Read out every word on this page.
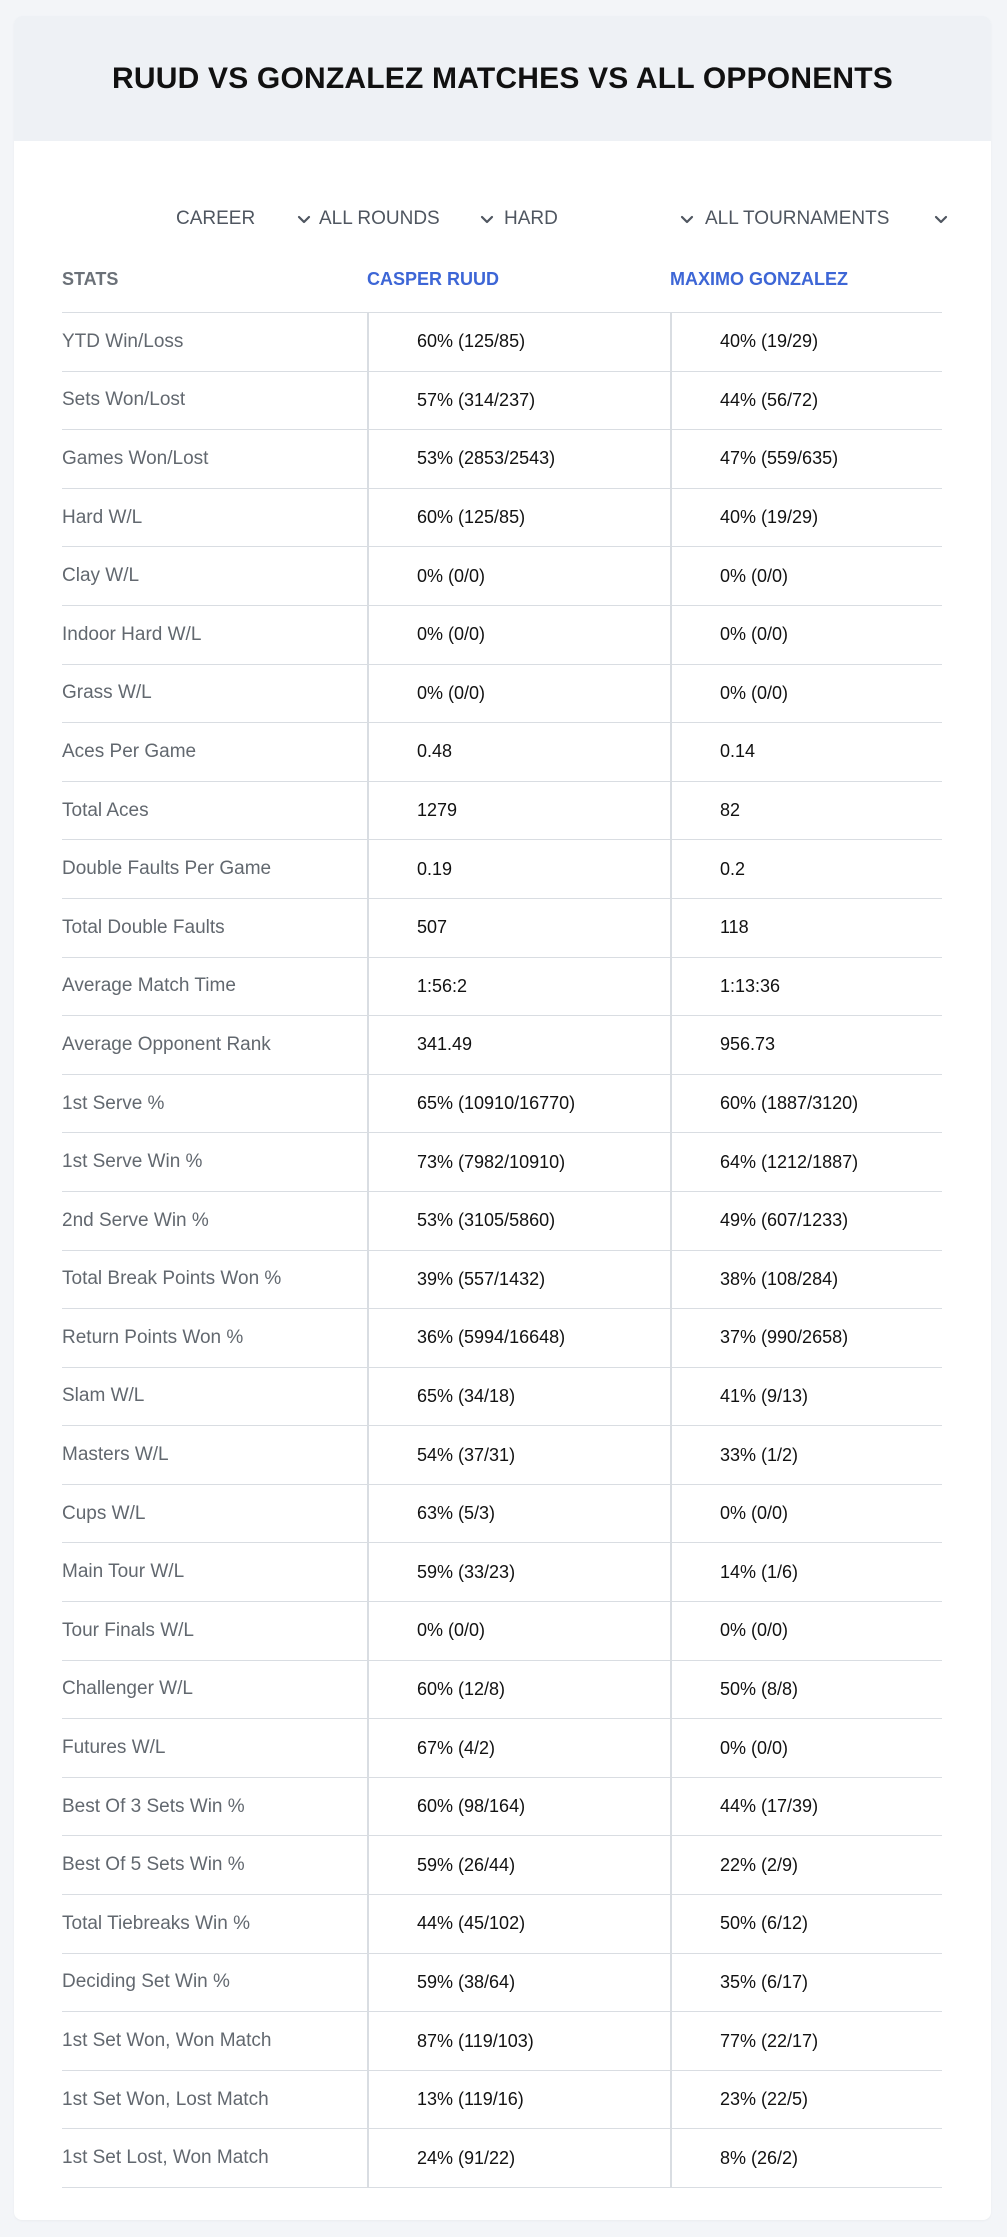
RUUD VS GONZALEZ MATCHES VS ALL OPPONENTS
CAREER	ALL ROUNDS	HARD	ALL TOURNAMENTS
STATS	CASPER RUUD	MAXIMO GONZALEZ
YTD Win/Loss	60% (125/85)	40% (19/29)
Sets Won/Lost	57% (314/237)	44% (56/72)
Games Won/Lost	53% (2853/2543)	47% (559/635)
Hard W/L	60% (125/85)	40% (19/29)
Clay W/L	0% (0/0)	0% (0/0)
Indoor Hard W/L	0% (0/0)	0% (0/0)
Grass W/L	0% (0/0)	0% (0/0)
Aces Per Game	0.48	0.14
Total Aces	1279	82
Double Faults Per Game	0.19	0.2
Total Double Faults	507	118
Average Match Time	1:56:2	1:13:36
Average Opponent Rank	341.49	956.73
1st Serve %	65% (10910/16770)	60% (1887/3120)
1st Serve Win %	73% (7982/10910)	64% (1212/1887)
2nd Serve Win %	53% (3105/5860)	49% (607/1233)
Total Break Points Won %	39% (557/1432)	38% (108/284)
Return Points Won %	36% (5994/16648)	37% (990/2658)
Slam W/L	65% (34/18)	41% (9/13)
Masters W/L	54% (37/31)	33% (1/2)
Cups W/L	63% (5/3)	0% (0/0)
Main Tour W/L	59% (33/23)	14% (1/6)
Tour Finals W/L	0% (0/0)	0% (0/0)
Challenger W/L	60% (12/8)	50% (8/8)
Futures W/L	67% (4/2)	0% (0/0)
Best Of 3 Sets Win %	60% (98/164)	44% (17/39)
Best Of 5 Sets Win %	59% (26/44)	22% (2/9)
Total Tiebreaks Win %	44% (45/102)	50% (6/12)
Deciding Set Win %	59% (38/64)	35% (6/17)
1st Set Won, Won Match	87% (119/103)	77% (22/17)
1st Set Won, Lost Match	13% (119/16)	23% (22/5)
1st Set Lost, Won Match	24% (91/22)	8% (26/2)
